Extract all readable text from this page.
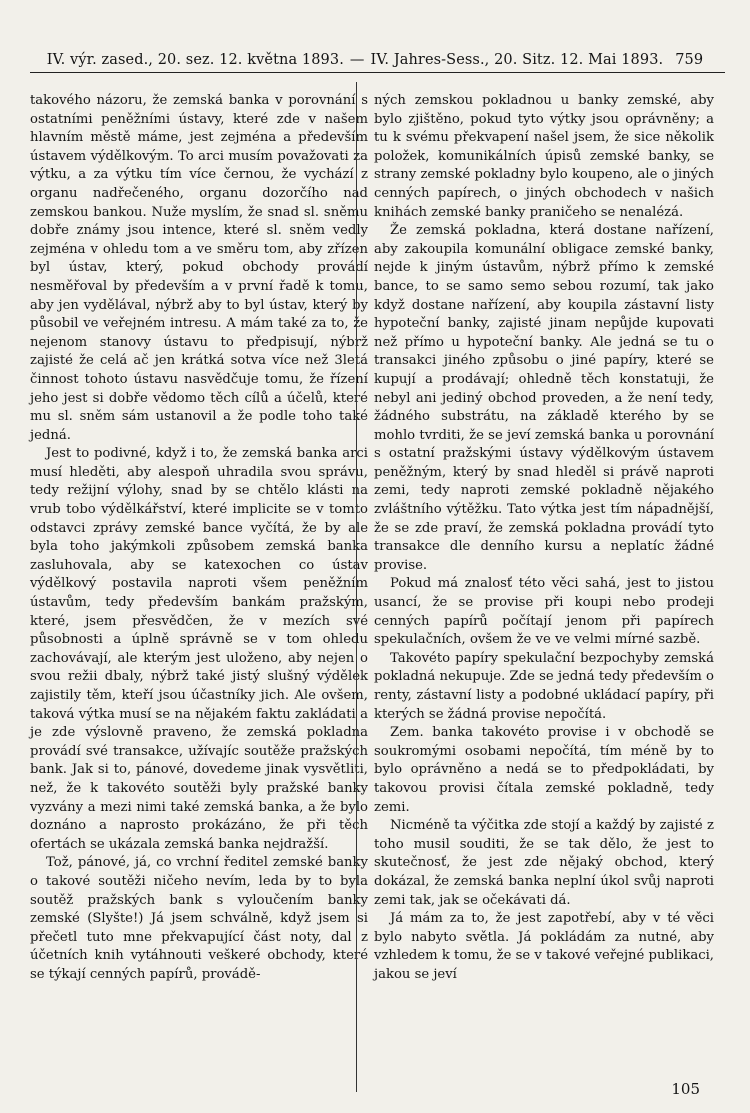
IV. výr. zased., 20. sez. 12. května 1893. — IV. Jahres-Sess., 20. Sitz. 12. Mai 1893. 759

takového názoru, že zemská banka v porovnání s ostatními peněžními ústavy, které zde v našem hlavním městě máme, jest zejména a především ústavem výdělkovým. To arci musím považovati za výtku, a za výtku tím více černou, že vychází z organu nadřečeného, organu dozorčího nad zemskou bankou. Nuže myslím, že snad sl. sněmu dobře známy jsou intence, které sl. sněm vedly zejména v ohledu tom a ve směru tom, aby zřízen byl ústav, který, pokud obchody provádí nesměřoval by především a v první řadě k tomu, aby jen vydělával, nýbrž aby to byl ústav, který by působil ve veřejném intresu. A mám také za to, že nejenom stanovy ústavu to předpisují, nýbrž zajisté že celá ač jen krátká sotva více než 3letá činnost tohoto ústavu nasvědčuje tomu, že řízení jeho jest si dobře vědomo těch cílů a účelů, které mu sl. sněm sám ustanovil a že podle toho také jedná.

Jest to podivné, když i to, že zemská banka arci musí hleděti, aby alespoň uhradila svou správu, tedy režijní výlohy, snad by se chtělo klásti na vrub tobo výdělkářství, které implicite se v tomto odstavci zprávy zemské bance vyčítá, že by ale byla toho jakýmkoli způsobem zemská banka zasluhovala, aby se katexochen co ústav výdělkový postavila naproti všem peněžním ústavům, tedy především bankám pražským, které, jsem přesvědčen, že v mezích své působnosti a úplně správně se v tom ohledu zachovávají, ale kterým jest uloženo, aby nejen o svou režii dbaly, nýbrž také jistý slušný výdělek zajistily těm, kteří jsou účastníky jich. Ale ovšem, taková výtka musí se na nějakém faktu zakládati a je zde výslovně praveno, že zemská pokladna provádí své transakce, užívajíc soutěže pražských bank. Jak si to, pánové, dovedeme jinak vysvětliti, než, že k takovéto soutěži byly pražské banky vyzvány a mezi nimi také zemská banka, a že bylo doznáno a naprosto prokázáno, že při těch ofertách se ukázala zemská banka nejdražší.

Tož, pánové, já, co vrchní ředitel zemské banky o takové soutěži ničeho nevím, leda by to byla soutěž pražských bank s vyloučením banky zemské (Slyšte!) Já jsem schválně, když jsem si přečetl tuto mne překvapující část noty, dal z účetních knih vytáhnouti veškeré obchody, které se týkají cenných papírů, provádě-

ných zemskou pokladnou u banky zemské, aby bylo zjištěno, pokud tyto výtky jsou oprávněny; a tu k svému překvapení našel jsem, že sice několik položek, komunikálních úpisů zemské banky, se strany zemské pokladny bylo koupeno, ale o jiných cenných papírech, o jiných obchodech v našich knihách zemské banky praničeho se nenalézá.

Že zemská pokladna, která dostane nařízení, aby zakoupila komunální obligace zemské banky, nejde k jiným ústavům, nýbrž přímo k zemské bance, to se samo semo sebou rozumí, tak jako když dostane nařízení, aby koupila zástavní listy hypoteční banky, zajisté jinam nepůjde kupovati než přímo u hypoteční banky. Ale jedná se tu o transakci jiného způsobu o jiné papíry, které se kupují a prodávají; ohledně těch konstatuji, že nebyl ani jediný obchod proveden, a že není tedy, žádného substrátu, na základě kterého by se mohlo tvrditi, že se jeví zemská banka u porovnání s ostatní pražskými ústavy výdělkovým ústavem peněžným, který by snad hleděl si právě naproti zemi, tedy naproti zemské pokladně nějakého zvláštního výtěžku. Tato výtka jest tím nápadnější, že se zde praví, že zemská pokladna provádí tyto transakce dle denního kursu a neplatíc žádné provise.

Pokud má znalosť této věci sahá, jest to jistou usancí, že se provise při koupi nebo prodeji cenných papírů počítají jenom při papírech spekulačních, ovšem že ve ve velmi mírné sazbě.

Takovéto papíry spekulační bezpochyby zemská pokladná nekupuje. Zde se jedná tedy především o renty, zástavní listy a podobné ukládací papíry, při kterých se žádná provise nepočítá.

Zem. banka takovéto provise i v obchodě se soukromými osobami nepočítá, tím méně by to bylo oprávněno a nedá se to předpokládati, by takovou provisi čítala zemské pokladně, tedy zemi.

Nicméně ta výčitka zde stojí a každý by zajisté z toho musil souditi, že se tak dělo, že jest to skutečnosť, že jest zde nějaký obchod, který dokázal, že zemská banka neplní úkol svůj naproti zemi tak, jak se očekávati dá.

Já mám za to, že jest zapotřebí, aby v té věci bylo nabyto světla. Já pokládám za nutné, aby vzhledem k tomu, že se v takové veřejné publikaci, jakou se jeví

105
